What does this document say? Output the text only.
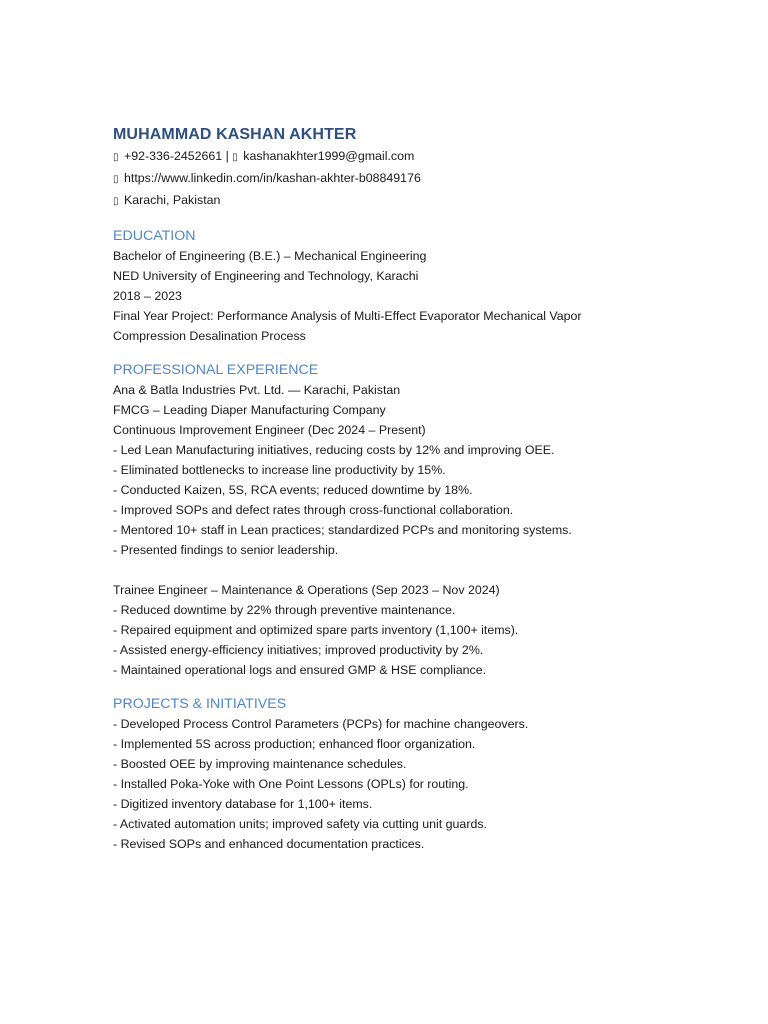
MUHAMMAD KASHAN AKHTER
▯ +92-336-2452661 | ▯ kashanakhter1999@gmail.com
▯ https://www.linkedin.com/in/kashan-akhter-b08849176
▯ Karachi, Pakistan
EDUCATION
Bachelor of Engineering (B.E.) – Mechanical Engineering
NED University of Engineering and Technology, Karachi
2018 – 2023
Final Year Project: Performance Analysis of Multi-Effect Evaporator Mechanical Vapor
Compression Desalination Process
PROFESSIONAL EXPERIENCE
Ana & Batla Industries Pvt. Ltd. — Karachi, Pakistan
FMCG – Leading Diaper Manufacturing Company
Continuous Improvement Engineer (Dec 2024 – Present)
- Led Lean Manufacturing initiatives, reducing costs by 12% and improving OEE.
- Eliminated bottlenecks to increase line productivity by 15%.
- Conducted Kaizen, 5S, RCA events; reduced downtime by 18%.
- Improved SOPs and defect rates through cross-functional collaboration.
- Mentored 10+ staff in Lean practices; standardized PCPs and monitoring systems.
- Presented findings to senior leadership.
Trainee Engineer – Maintenance & Operations (Sep 2023 – Nov 2024)
- Reduced downtime by 22% through preventive maintenance.
- Repaired equipment and optimized spare parts inventory (1,100+ items).
- Assisted energy-efficiency initiatives; improved productivity by 2%.
- Maintained operational logs and ensured GMP & HSE compliance.
PROJECTS & INITIATIVES
- Developed Process Control Parameters (PCPs) for machine changeovers.
- Implemented 5S across production; enhanced floor organization.
- Boosted OEE by improving maintenance schedules.
- Installed Poka-Yoke with One Point Lessons (OPLs) for routing.
- Digitized inventory database for 1,100+ items.
- Activated automation units; improved safety via cutting unit guards.
- Revised SOPs and enhanced documentation practices.
